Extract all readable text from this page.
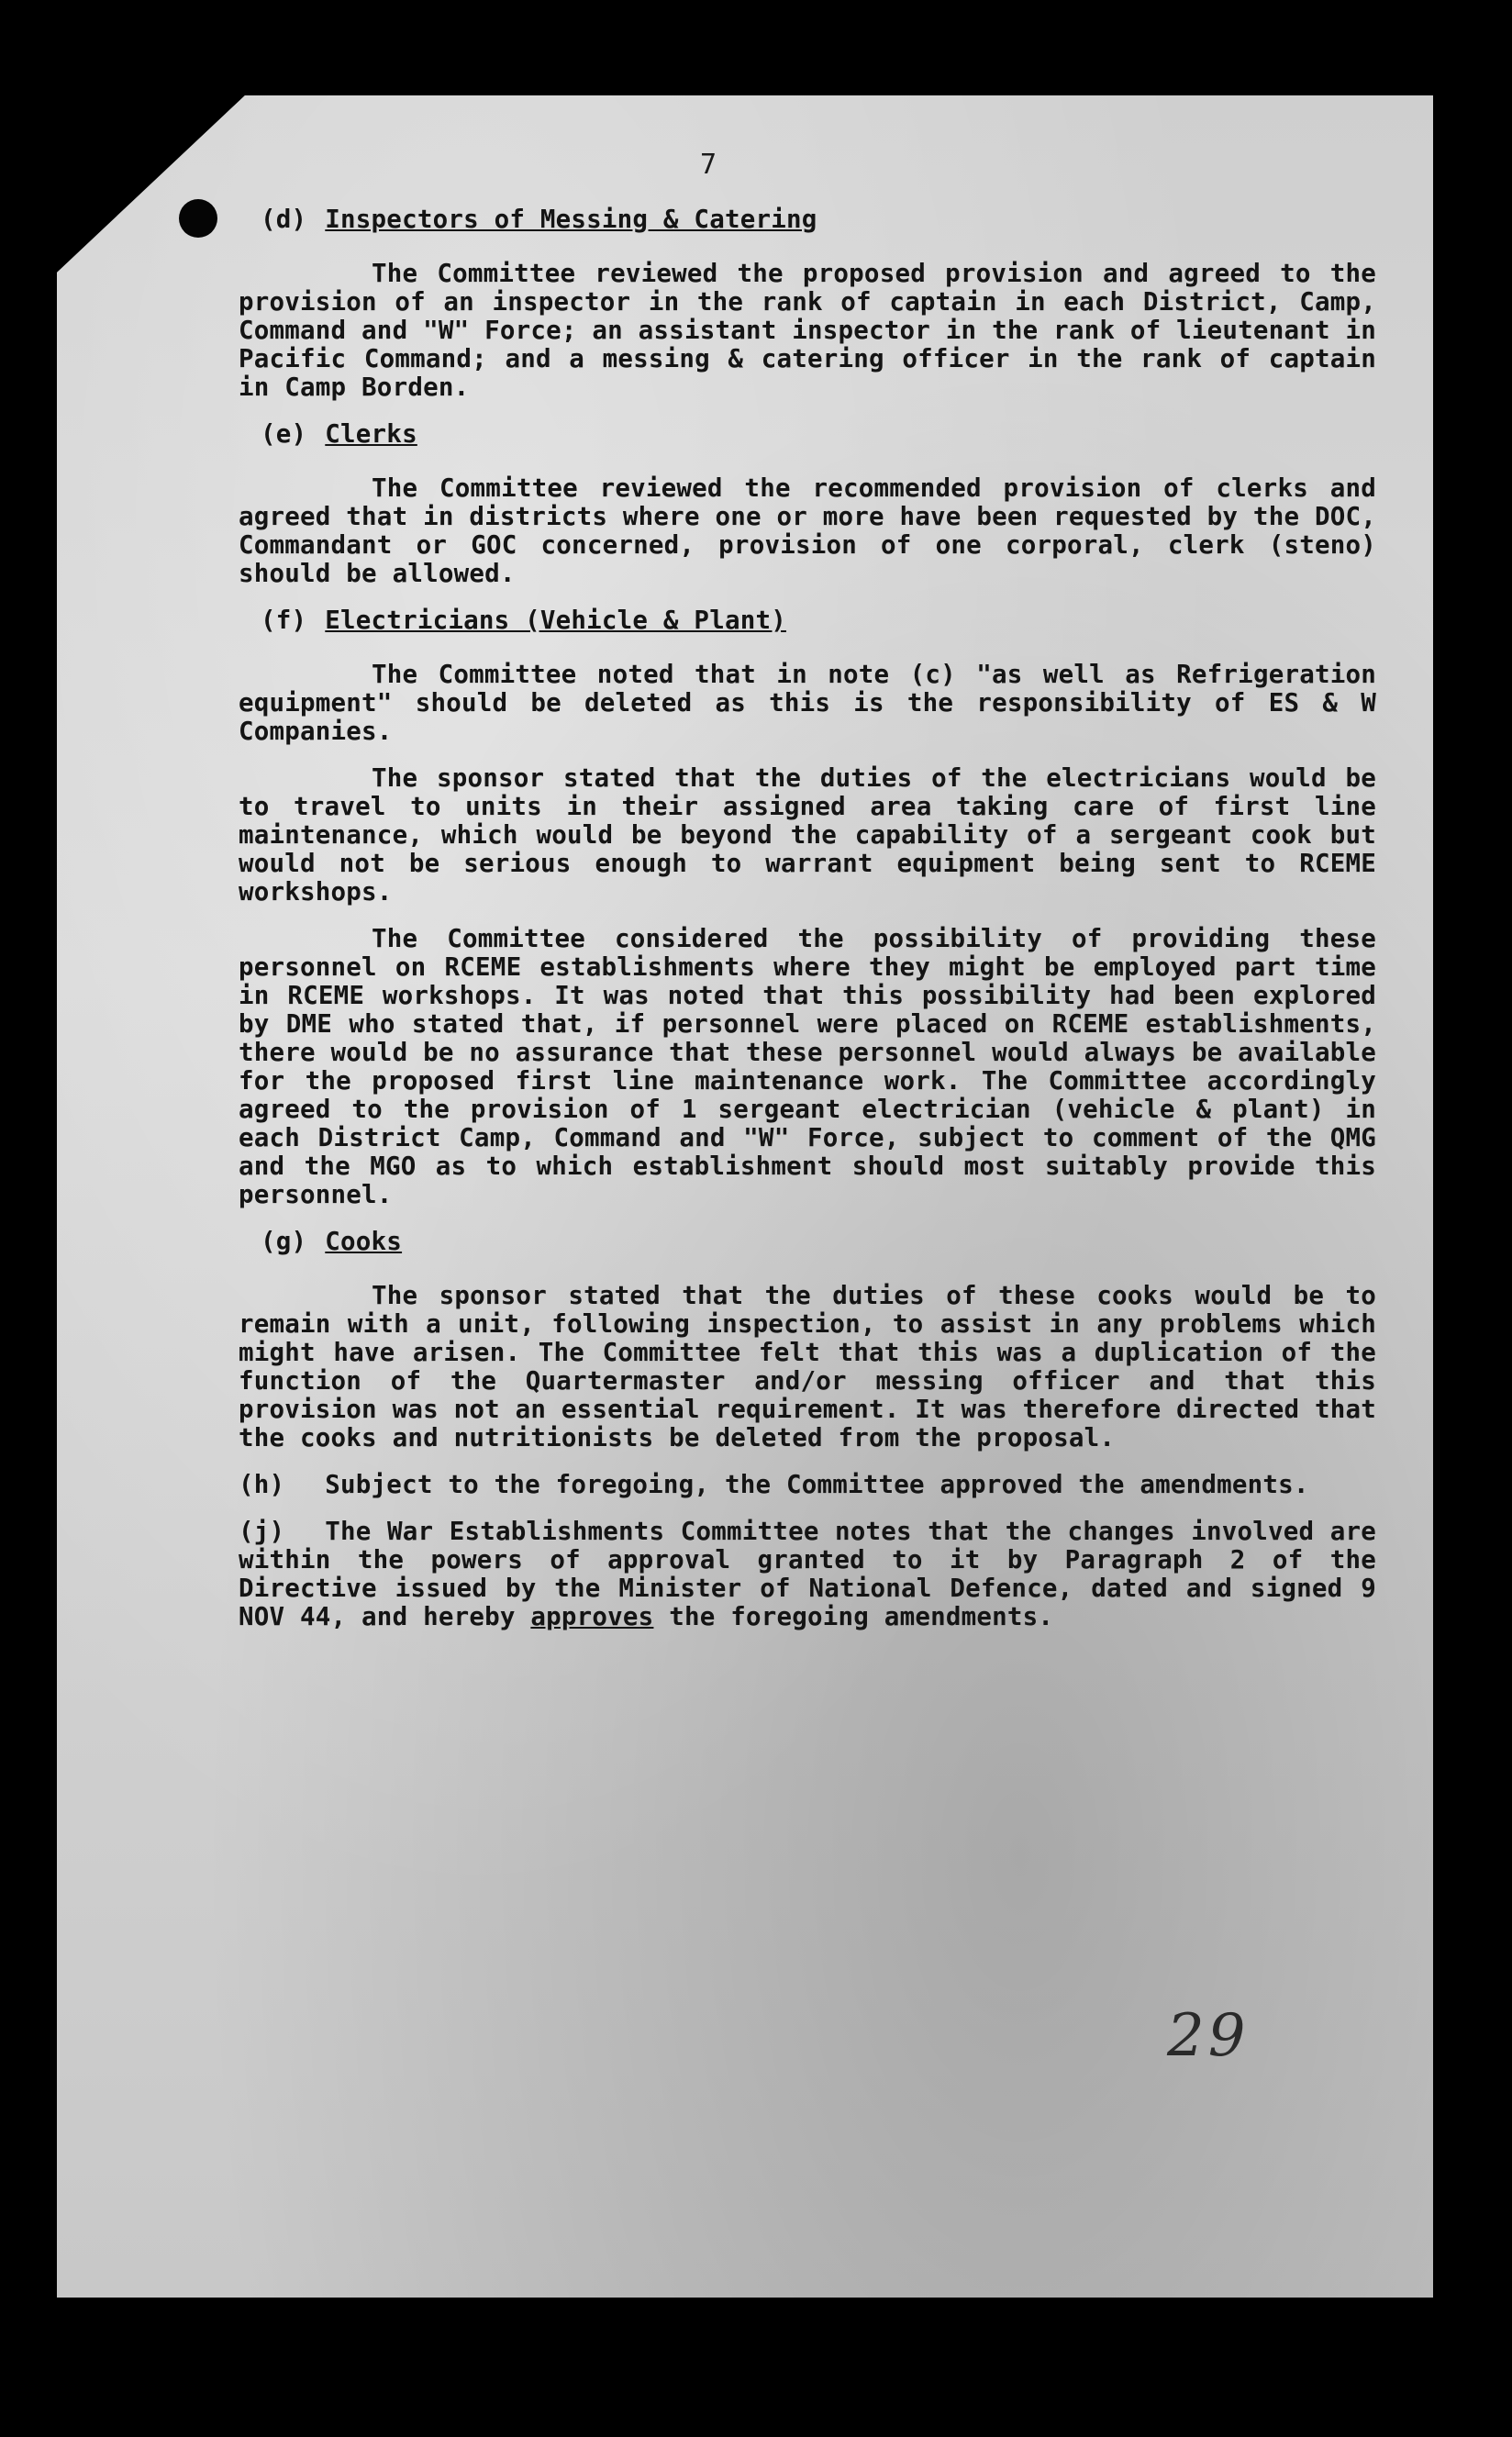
7
(d) Inspectors of Messing & Catering

The Committee reviewed the proposed provision and agreed to the provision of an inspector in the rank of captain in each District, Camp, Command and "W" Force; an assistant inspector in the rank of lieutenant in Pacific Command; and a messing & catering officer in the rank of captain in Camp Borden.

(e) Clerks

The Committee reviewed the recommended provision of clerks and agreed that in districts where one or more have been requested by the DOC, Commandant or GOC concerned, provision of one corporal, clerk (steno) should be allowed.

(f) Electricians (Vehicle & Plant)

The Committee noted that in note (c) "as well as Refrigeration equipment" should be deleted as this is the responsibility of ES & W Companies.

The sponsor stated that the duties of the electricians would be to travel to units in their assigned area taking care of first line maintenance, which would be beyond the capability of a sergeant cook but would not be serious enough to warrant equipment being sent to RCEME workshops.

The Committee considered the possibility of providing these personnel on RCEME establishments where they might be employed part time in RCEME workshops. It was noted that this possibility had been explored by DME who stated that, if personnel were placed on RCEME establishments, there would be no assurance that these personnel would always be available for the proposed first line maintenance work. The Committee accordingly agreed to the provision of 1 sergeant electrician (vehicle & plant) in each District Camp, Command and "W" Force, subject to comment of the QMG and the MGO as to which establishment should most suitably provide this personnel.

(g) Cooks

The sponsor stated that the duties of these cooks would be to remain with a unit, following inspection, to assist in any problems which might have arisen. The Committee felt that this was a duplication of the function of the Quartermaster and/or messing officer and that this provision was not an essential requirement. It was therefore directed that the cooks and nutritionists be deleted from the proposal.

(h) Subject to the foregoing, the Committee approved the amendments.

(j) The War Establishments Committee notes that the changes involved are within the powers of approval granted to it by Paragraph 2 of the Directive issued by the Minister of National Defence, dated and signed 9 NOV 44, and hereby approves the foregoing amendments.

29
